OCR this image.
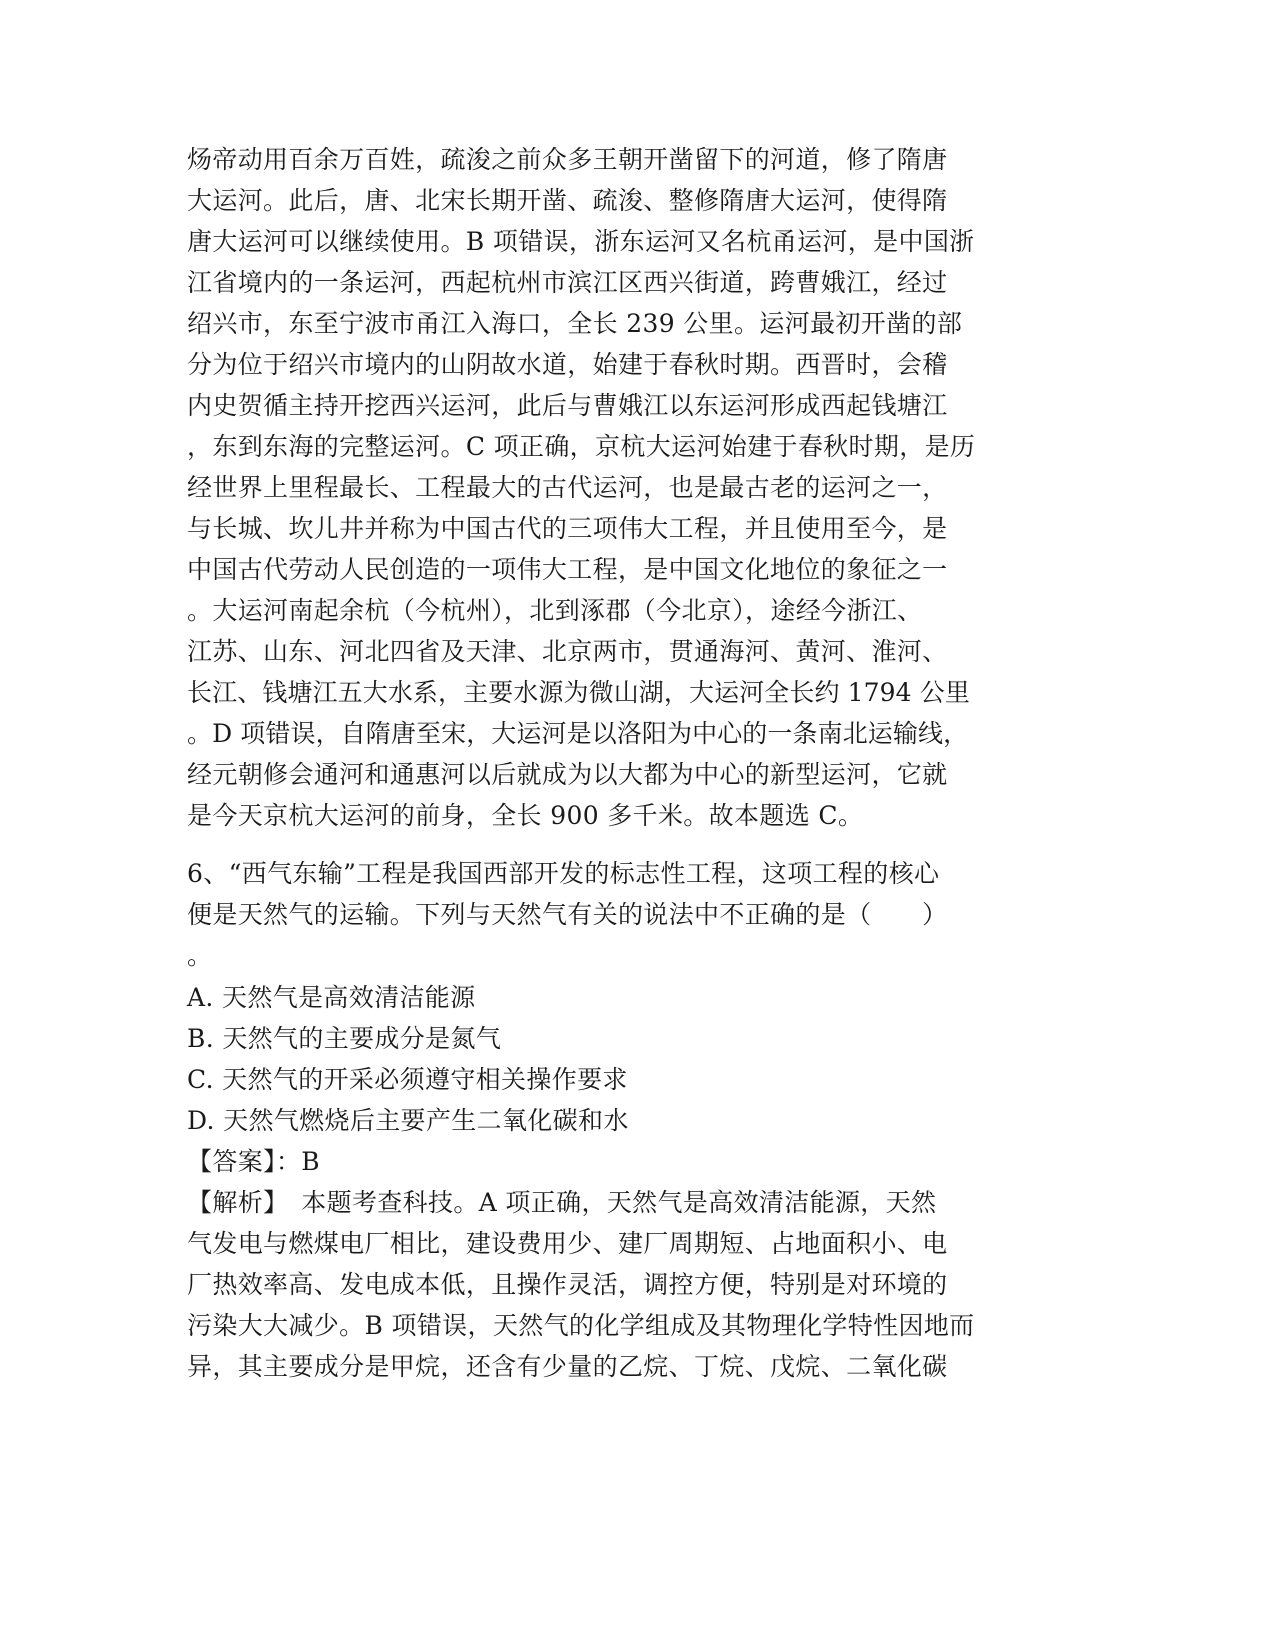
炀帝动用百余万百姓，疏浚之前众多王朝开凿留下的河道，修了隋唐
大运河。此后，唐、北宋长期开凿、疏浚、整修隋唐大运河，使得隋
唐大运河可以继续使用。B 项错误，浙东运河又名杭甬运河，是中国浙
江省境内的一条运河，西起杭州市滨江区西兴街道，跨曹娥江，经过
绍兴市，东至宁波市甬江入海口，全长 239 公里。运河最初开凿的部
分为位于绍兴市境内的山阴故水道，始建于春秋时期。西晋时，会稽
内史贺循主持开挖西兴运河，此后与曹娥江以东运河形成西起钱塘江
，东到东海的完整运河。C 项正确，京杭大运河始建于春秋时期，是历
经世界上里程最长、工程最大的古代运河，也是最古老的运河之一，
与长城、坎儿井并称为中国古代的三项伟大工程，并且使用至今，是
中国古代劳动人民创造的一项伟大工程，是中国文化地位的象征之一
。大运河南起余杭（今杭州），北到涿郡（今北京），途经今浙江、
江苏、山东、河北四省及天津、北京两市，贯通海河、黄河、淮河、
长江、钱塘江五大水系，主要水源为微山湖，大运河全长约 1794 公里
。D 项错误，自隋唐至宋，大运河是以洛阳为中心的一条南北运输线，
经元朝修会通河和通惠河以后就成为以大都为中心的新型运河，它就
是今天京杭大运河的前身，全长 900 多千米。故本题选 C。
6、“西气东输”工程是我国西部开发的标志性工程，这项工程的核心
便是天然气的运输。下列与天然气有关的说法中不正确的是（　　）
。
A. 天然气是高效清洁能源
B. 天然气的主要成分是氮气
C. 天然气的开采必须遵守相关操作要求
D. 天然气燃烧后主要产生二氧化碳和水
【答案】：B
【解析】　本题考查科技。A 项正确，天然气是高效清洁能源，天然
气发电与燃煤电厂相比，建设费用少、建厂周期短、占地面积小、电
厂热效率高、发电成本低，且操作灵活，调控方便，特别是对环境的
污染大大减少。B 项错误，天然气的化学组成及其物理化学特性因地而
异，其主要成分是甲烷，还含有少量的乙烷、丁烷、戊烷、二氧化碳
